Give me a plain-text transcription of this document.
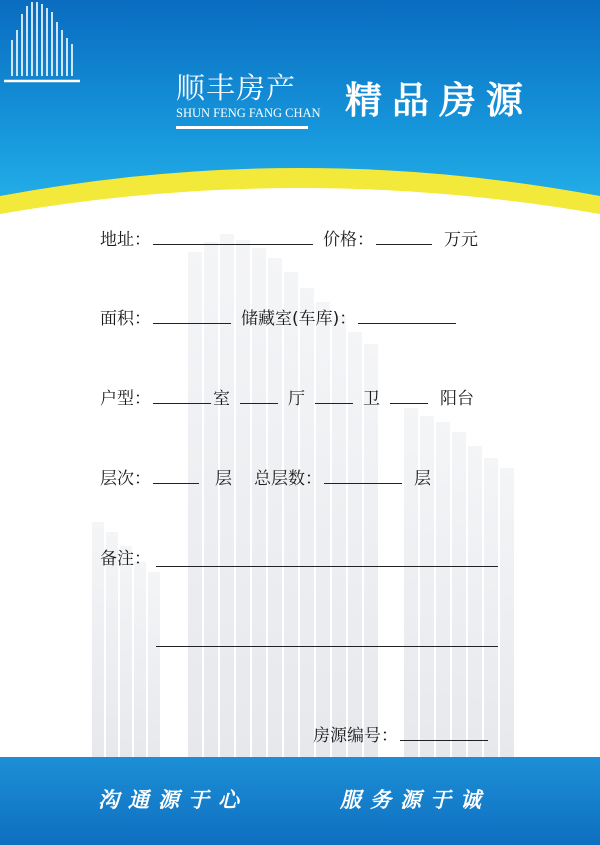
顺丰房产
SHUN FENG FANG CHAN 精品房源
地址：	价格：	万元
面积：	储藏室(车库)：
户型：	室	厅	卫	阳台
层次：	层 总层数：	层
备注：
房源编号：
沟通源于心	服务源于诚
